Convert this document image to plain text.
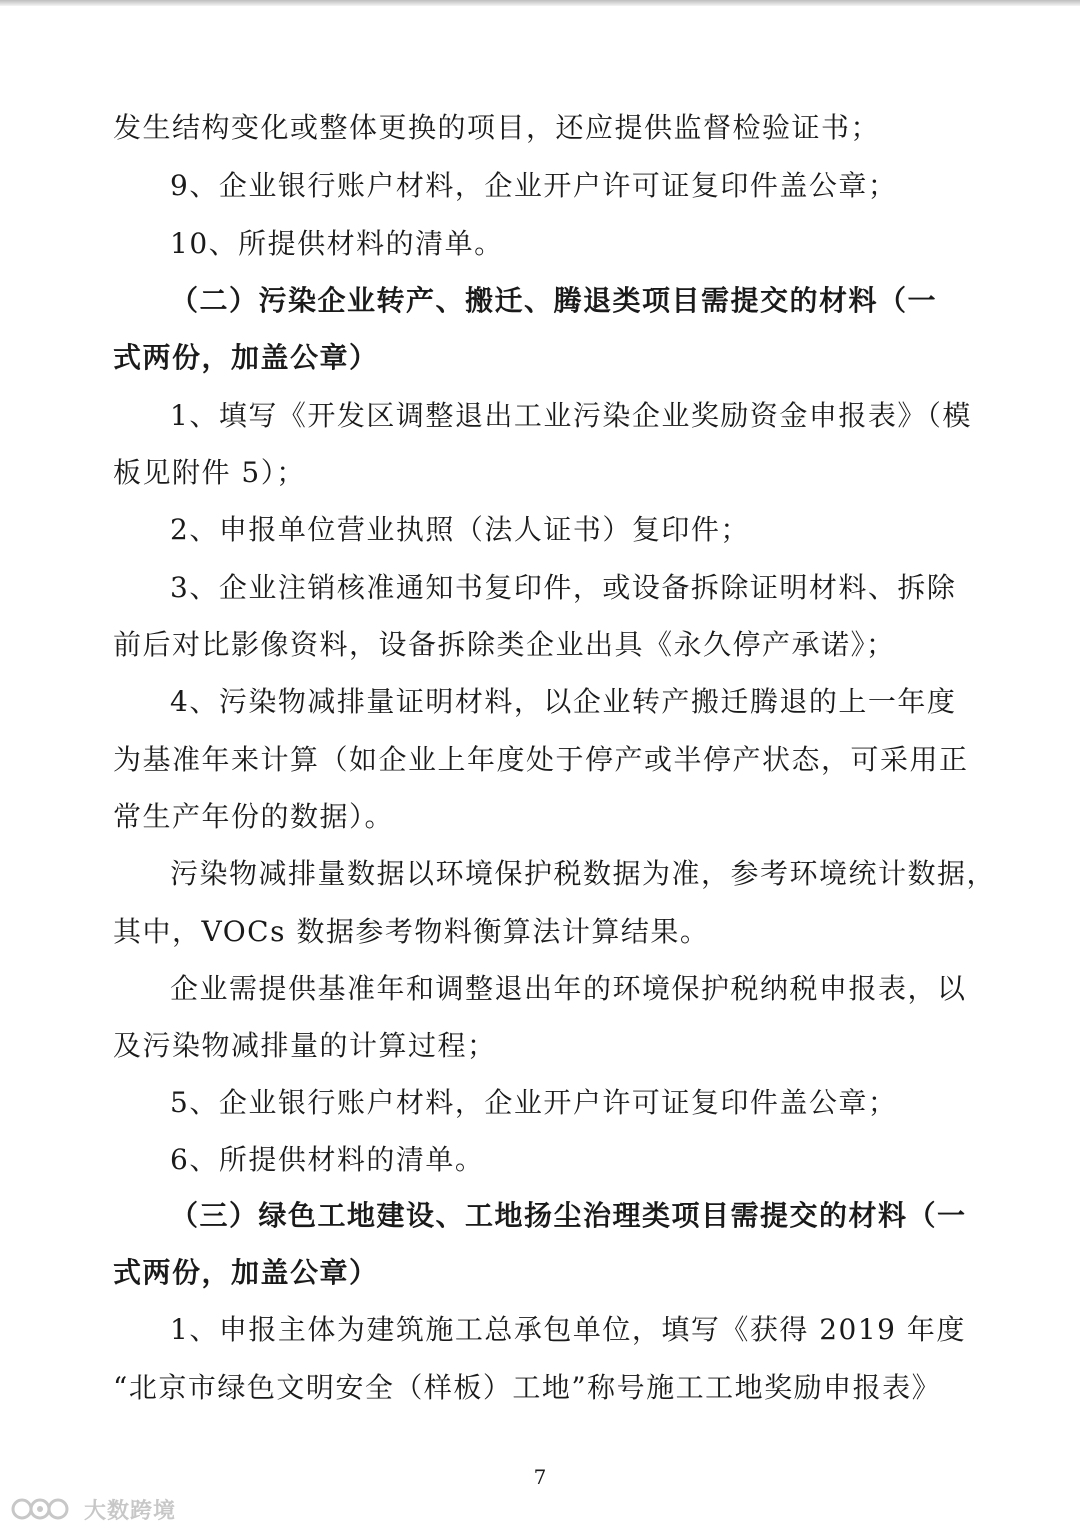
发生结构变化或整体更换的项目，还应提供监督检验证书；
9、企业银行账户材料，企业开户许可证复印件盖公章；
10、所提供材料的清单。
（二）污染企业转产、搬迁、腾退类项目需提交的材料（一
式两份，加盖公章）
1、填写《开发区调整退出工业污染企业奖励资金申报表》（模
板见附件 5）；
2、申报单位营业执照（法人证书）复印件；
3、企业注销核准通知书复印件，或设备拆除证明材料、拆除
前后对比影像资料，设备拆除类企业出具《永久停产承诺》；
4、污染物减排量证明材料，以企业转产搬迁腾退的上一年度
为基准年来计算（如企业上年度处于停产或半停产状态，可采用正
常生产年份的数据）。
污染物减排量数据以环境保护税数据为准，参考环境统计数据，
其中，VOCs 数据参考物料衡算法计算结果。
企业需提供基准年和调整退出年的环境保护税纳税申报表，以
及污染物减排量的计算过程；
5、企业银行账户材料，企业开户许可证复印件盖公章；
6、所提供材料的清单。
（三）绿色工地建设、工地扬尘治理类项目需提交的材料（一
式两份，加盖公章）
1、申报主体为建筑施工总承包单位，填写《获得 2019 年度
“北京市绿色文明安全（样板）工地”称号施工工地奖励申报表》
7
大数跨境
